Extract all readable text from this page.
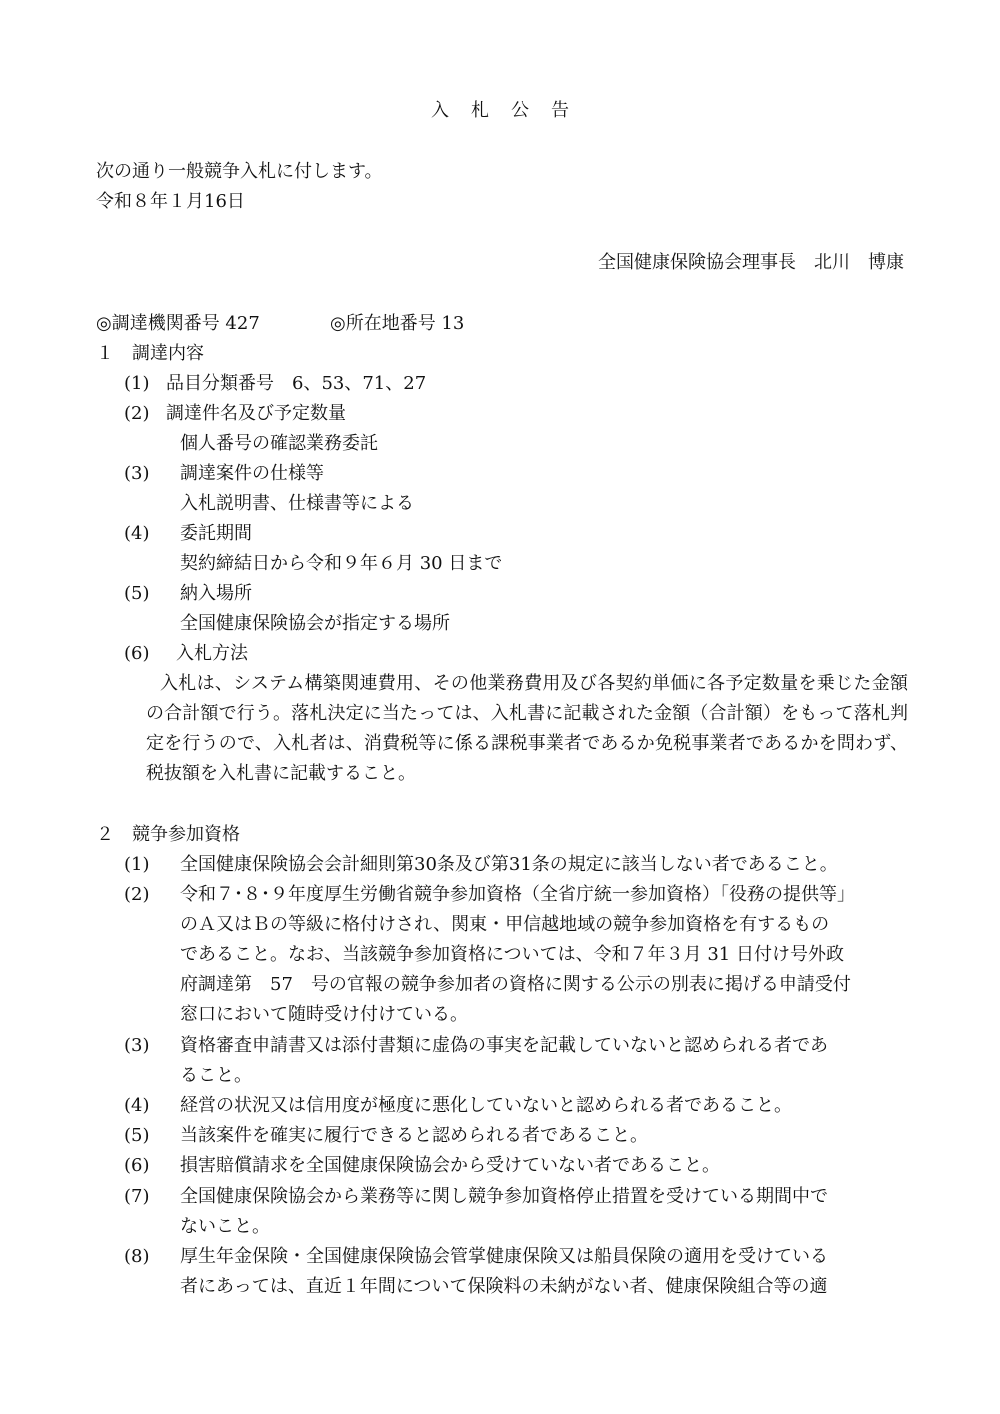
入札公告
次の通り一般競争入札に付します。
令和８年１月16日
全国健康保険協会理事長　北川　博康
◎調達機関番号 427	◎所在地番号 13
１　調達内容
(1) 品目分類番号　6、53、71、27
(2) 調達件名及び予定数量
個人番号の確認業務委託
(3) 調達案件の仕様等
入札説明書、仕様書等による
(4) 委託期間
契約締結日から令和９年６月 30 日まで
(5) 納入場所
全国健康保険協会が指定する場所
(6) 入札方法

入札は、システム構築関連費用、その他業務費用及び各契約単価に各予定数量を乗じた金額の合計額で行う。落札決定に当たっては、入札書に記載された金額（合計額）をもって落札判定を行うので、入札者は、消費税等に係る課税事業者であるか免税事業者であるかを問わず、税抜額を入札書に記載すること。

２　競争参加資格
(1) 全国健康保険協会会計細則第30条及び第31条の規定に該当しない者であること。
(2) 令和７･８･９年度厚生労働省競争参加資格（全省庁統一参加資格）「役務の提供等」
のＡ又はＢの等級に格付けされ、関東・甲信越地域の競争参加資格を有するもの
であること。なお、当該競争参加資格については、令和７年３月 31 日付け号外政
府調達第　57　号の官報の競争参加者の資格に関する公示の別表に掲げる申請受付
窓口において随時受け付けている。
(3) 資格審査申請書又は添付書類に虚偽の事実を記載していないと認められる者であ
ること。
(4) 経営の状況又は信用度が極度に悪化していないと認められる者であること。
(5) 当該案件を確実に履行できると認められる者であること。
(6) 損害賠償請求を全国健康保険協会から受けていない者であること。
(7) 全国健康保険協会から業務等に関し競争参加資格停止措置を受けている期間中で
ないこと。
(8) 厚生年金保険・全国健康保険協会管掌健康保険又は船員保険の適用を受けている
者にあっては、直近１年間について保険料の未納がない者、健康保険組合等の適
